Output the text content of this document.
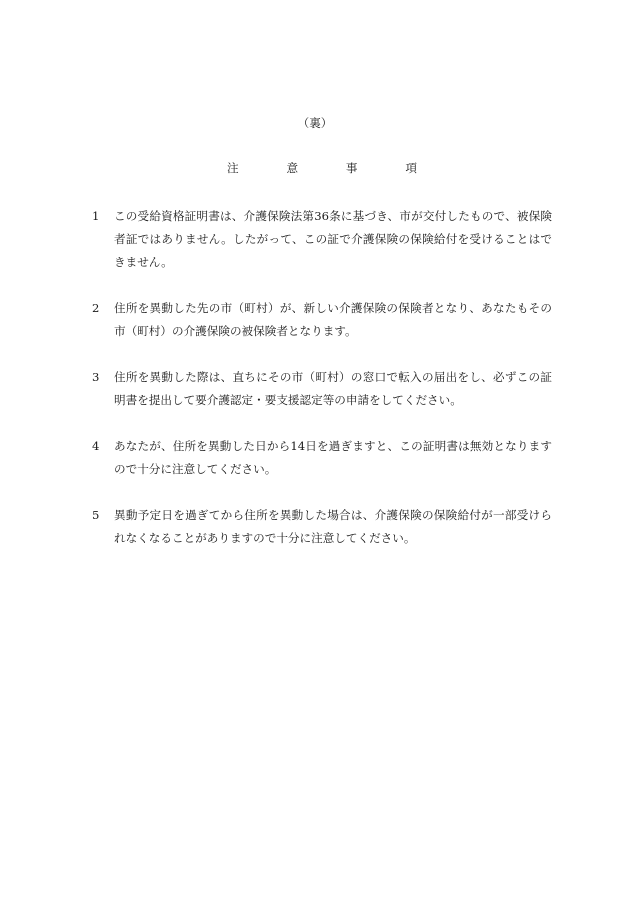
（裏）
注	意	事	項
1	この受給資格証明書は、介護保険法第36条に基づき、市が交付したもので、被保険者証ではありません。したがって、この証で介護保険の保険給付を受けることはできません。
2	住所を異動した先の市（町村）が、新しい介護保険の保険者となり、あなたもその市（町村）の介護保険の被保険者となります。
3	住所を異動した際は、直ちにその市（町村）の窓口で転入の届出をし、必ずこの証明書を提出して要介護認定・要支援認定等の申請をしてください。
4	あなたが、住所を異動した日から14日を過ぎますと、この証明書は無効となりますので十分に注意してください。
5	異動予定日を過ぎてから住所を異動した場合は、介護保険の保険給付が一部受けられなくなることがありますので十分に注意してください。
